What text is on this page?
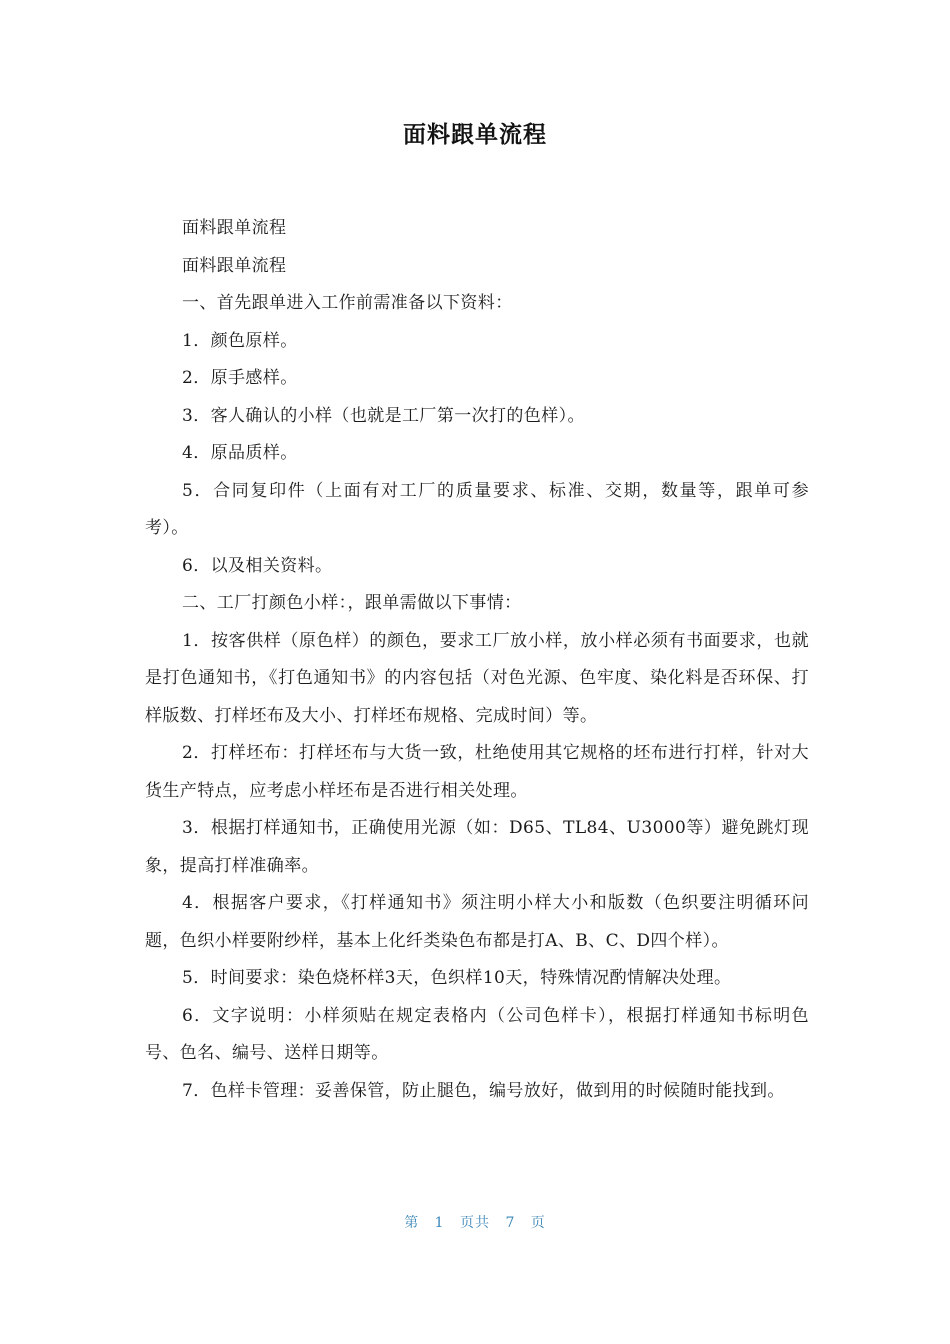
面料跟单流程

面料跟单流程

面料跟单流程

一、首先跟单进入工作前需准备以下资料：

1．颜色原样。

2．原手感样。

3．客人确认的小样（也就是工厂第一次打的色样）。

4．原品质样。

5．合同复印件（上面有对工厂的质量要求、标准、交期，数量等，跟单可参考）。

6．以及相关资料。

二、工厂打颜色小样：，跟单需做以下事情：

1．按客供样（原色样）的颜色，要求工厂放小样，放小样必须有书面要求，也就是打色通知书，《打色通知书》的内容包括（对色光源、色牢度、染化料是否环保、打样版数、打样坯布及大小、打样坯布规格、完成时间）等。

2．打样坯布：打样坯布与大货一致，杜绝使用其它规格的坯布进行打样，针对大货生产特点，应考虑小样坯布是否进行相关处理。

3．根据打样通知书，正确使用光源（如：D65、TL84、U3000等）避免跳灯现象，提高打样准确率。

4．根据客户要求，《打样通知书》须注明小样大小和版数（色织要注明循环问题，色织小样要附纱样，基本上化纤类染色布都是打A、B、C、D四个样）。

5．时间要求：染色烧杯样3天，色织样10天，特殊情况酌情解决处理。

6．文字说明：小样须贴在规定表格内（公司色样卡），根据打样通知书标明色号、色名、编号、送样日期等。

7．色样卡管理：妥善保管，防止腿色，编号放好，做到用的时候随时能找到。

第 1 页共 7 页
